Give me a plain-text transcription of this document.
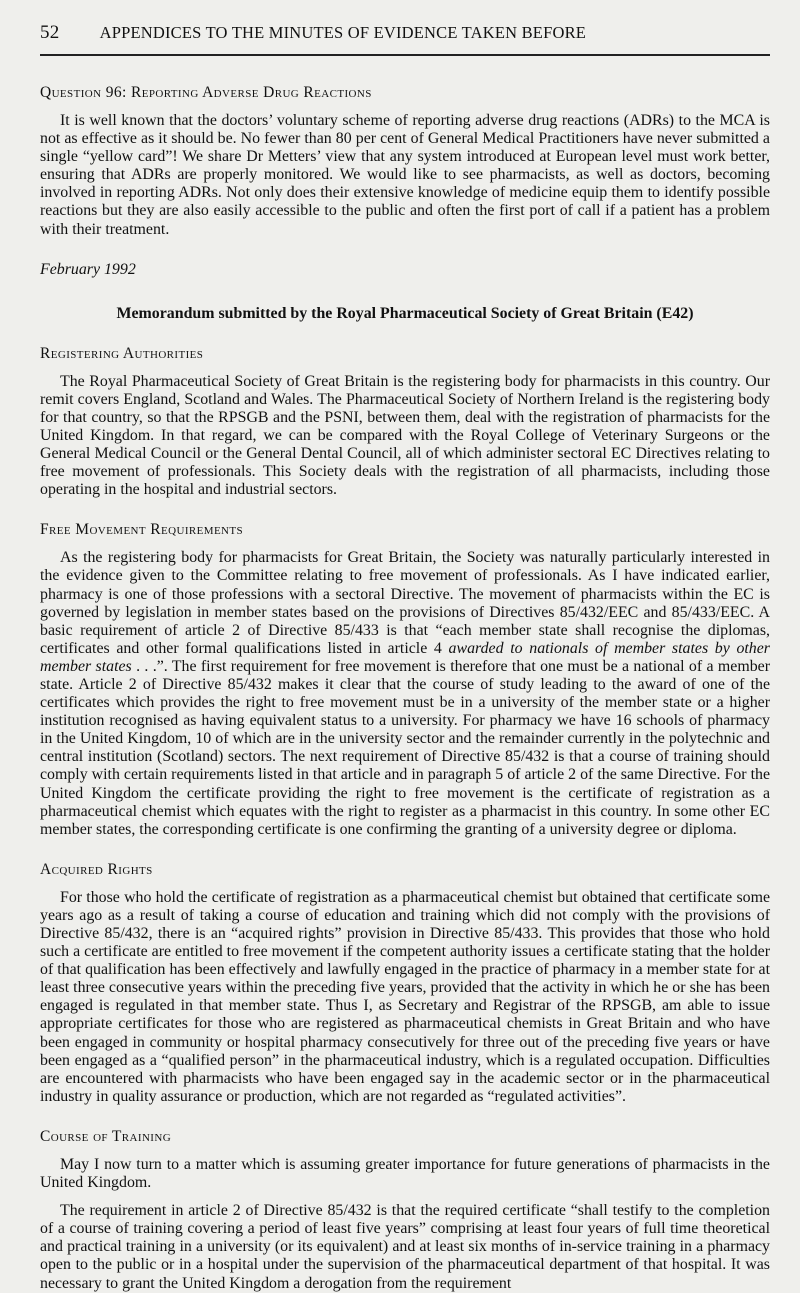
52 APPENDICES TO THE MINUTES OF EVIDENCE TAKEN BEFORE
Question 96: Reporting Adverse Drug Reactions

It is well known that the doctors’ voluntary scheme of reporting adverse drug reactions (ADRs) to the MCA is not as effective as it should be. No fewer than 80 per cent of General Medical Practitioners have never submitted a single “yellow card”! We share Dr Metters’ view that any system introduced at European level must work better, ensuring that ADRs are properly monitored. We would like to see pharmacists, as well as doctors, becoming involved in reporting ADRs. Not only does their extensive knowledge of medicine equip them to identify possible reactions but they are also easily accessible to the public and often the first port of call if a patient has a problem with their treatment.

February 1992
Memorandum submitted by the Royal Pharmaceutical Society of Great Britain (E42)
Registering Authorities

The Royal Pharmaceutical Society of Great Britain is the registering body for pharmacists in this country. Our remit covers England, Scotland and Wales. The Pharmaceutical Society of Northern Ireland is the registering body for that country, so that the RPSGB and the PSNI, between them, deal with the registration of pharmacists for the United Kingdom. In that regard, we can be compared with the Royal College of Veterinary Surgeons or the General Medical Council or the General Dental Council, all of which administer sectoral EC Directives relating to free movement of professionals. This Society deals with the registration of all pharmacists, including those operating in the hospital and industrial sectors.

Free Movement Requirements

As the registering body for pharmacists for Great Britain, the Society was naturally particularly interested in the evidence given to the Committee relating to free movement of professionals. As I have indicated earlier, pharmacy is one of those professions with a sectoral Directive. The movement of pharmacists within the EC is governed by legislation in member states based on the provisions of Directives 85/432/EEC and 85/433/EEC. A basic requirement of article 2 of Directive 85/433 is that “each member state shall recognise the diplomas, certificates and other formal qualifications listed in article 4 awarded to nationals of member states by other member states . . .”. The first requirement for free movement is therefore that one must be a national of a member state. Article 2 of Directive 85/432 makes it clear that the course of study leading to the award of one of the certificates which provides the right to free movement must be in a university of the member state or a higher institution recognised as having equivalent status to a university. For pharmacy we have 16 schools of pharmacy in the United Kingdom, 10 of which are in the university sector and the remainder currently in the polytechnic and central institution (Scotland) sectors. The next requirement of Directive 85/432 is that a course of training should comply with certain requirements listed in that article and in paragraph 5 of article 2 of the same Directive. For the United Kingdom the certificate providing the right to free movement is the certificate of registration as a pharmaceutical chemist which equates with the right to register as a pharmacist in this country. In some other EC member states, the corresponding certificate is one confirming the granting of a university degree or diploma.

Acquired Rights

For those who hold the certificate of registration as a pharmaceutical chemist but obtained that certificate some years ago as a result of taking a course of education and training which did not comply with the provisions of Directive 85/432, there is an “acquired rights” provision in Directive 85/433. This provides that those who hold such a certificate are entitled to free movement if the competent authority issues a certificate stating that the holder of that qualification has been effectively and lawfully engaged in the practice of pharmacy in a member state for at least three consecutive years within the preceding five years, provided that the activity in which he or she has been engaged is regulated in that member state. Thus I, as Secretary and Registrar of the RPSGB, am able to issue appropriate certificates for those who are registered as pharmaceutical chemists in Great Britain and who have been engaged in community or hospital pharmacy consecutively for three out of the preceding five years or have been engaged as a “qualified person” in the pharmaceutical industry, which is a regulated occupation. Difficulties are encountered with pharmacists who have been engaged say in the academic sector or in the pharmaceutical industry in quality assurance or production, which are not regarded as “regulated activities”.

Course of Training

May I now turn to a matter which is assuming greater importance for future generations of pharmacists in the United Kingdom.

The requirement in article 2 of Directive 85/432 is that the required certificate “shall testify to the completion of a course of training covering a period of least five years” comprising at least four years of full time theoretical and practical training in a university (or its equivalent) and at least six months of in-service training in a pharmacy open to the public or in a hospital under the supervision of the pharmaceutical department of that hospital. It was necessary to grant the United Kingdom a derogation from the requirement
